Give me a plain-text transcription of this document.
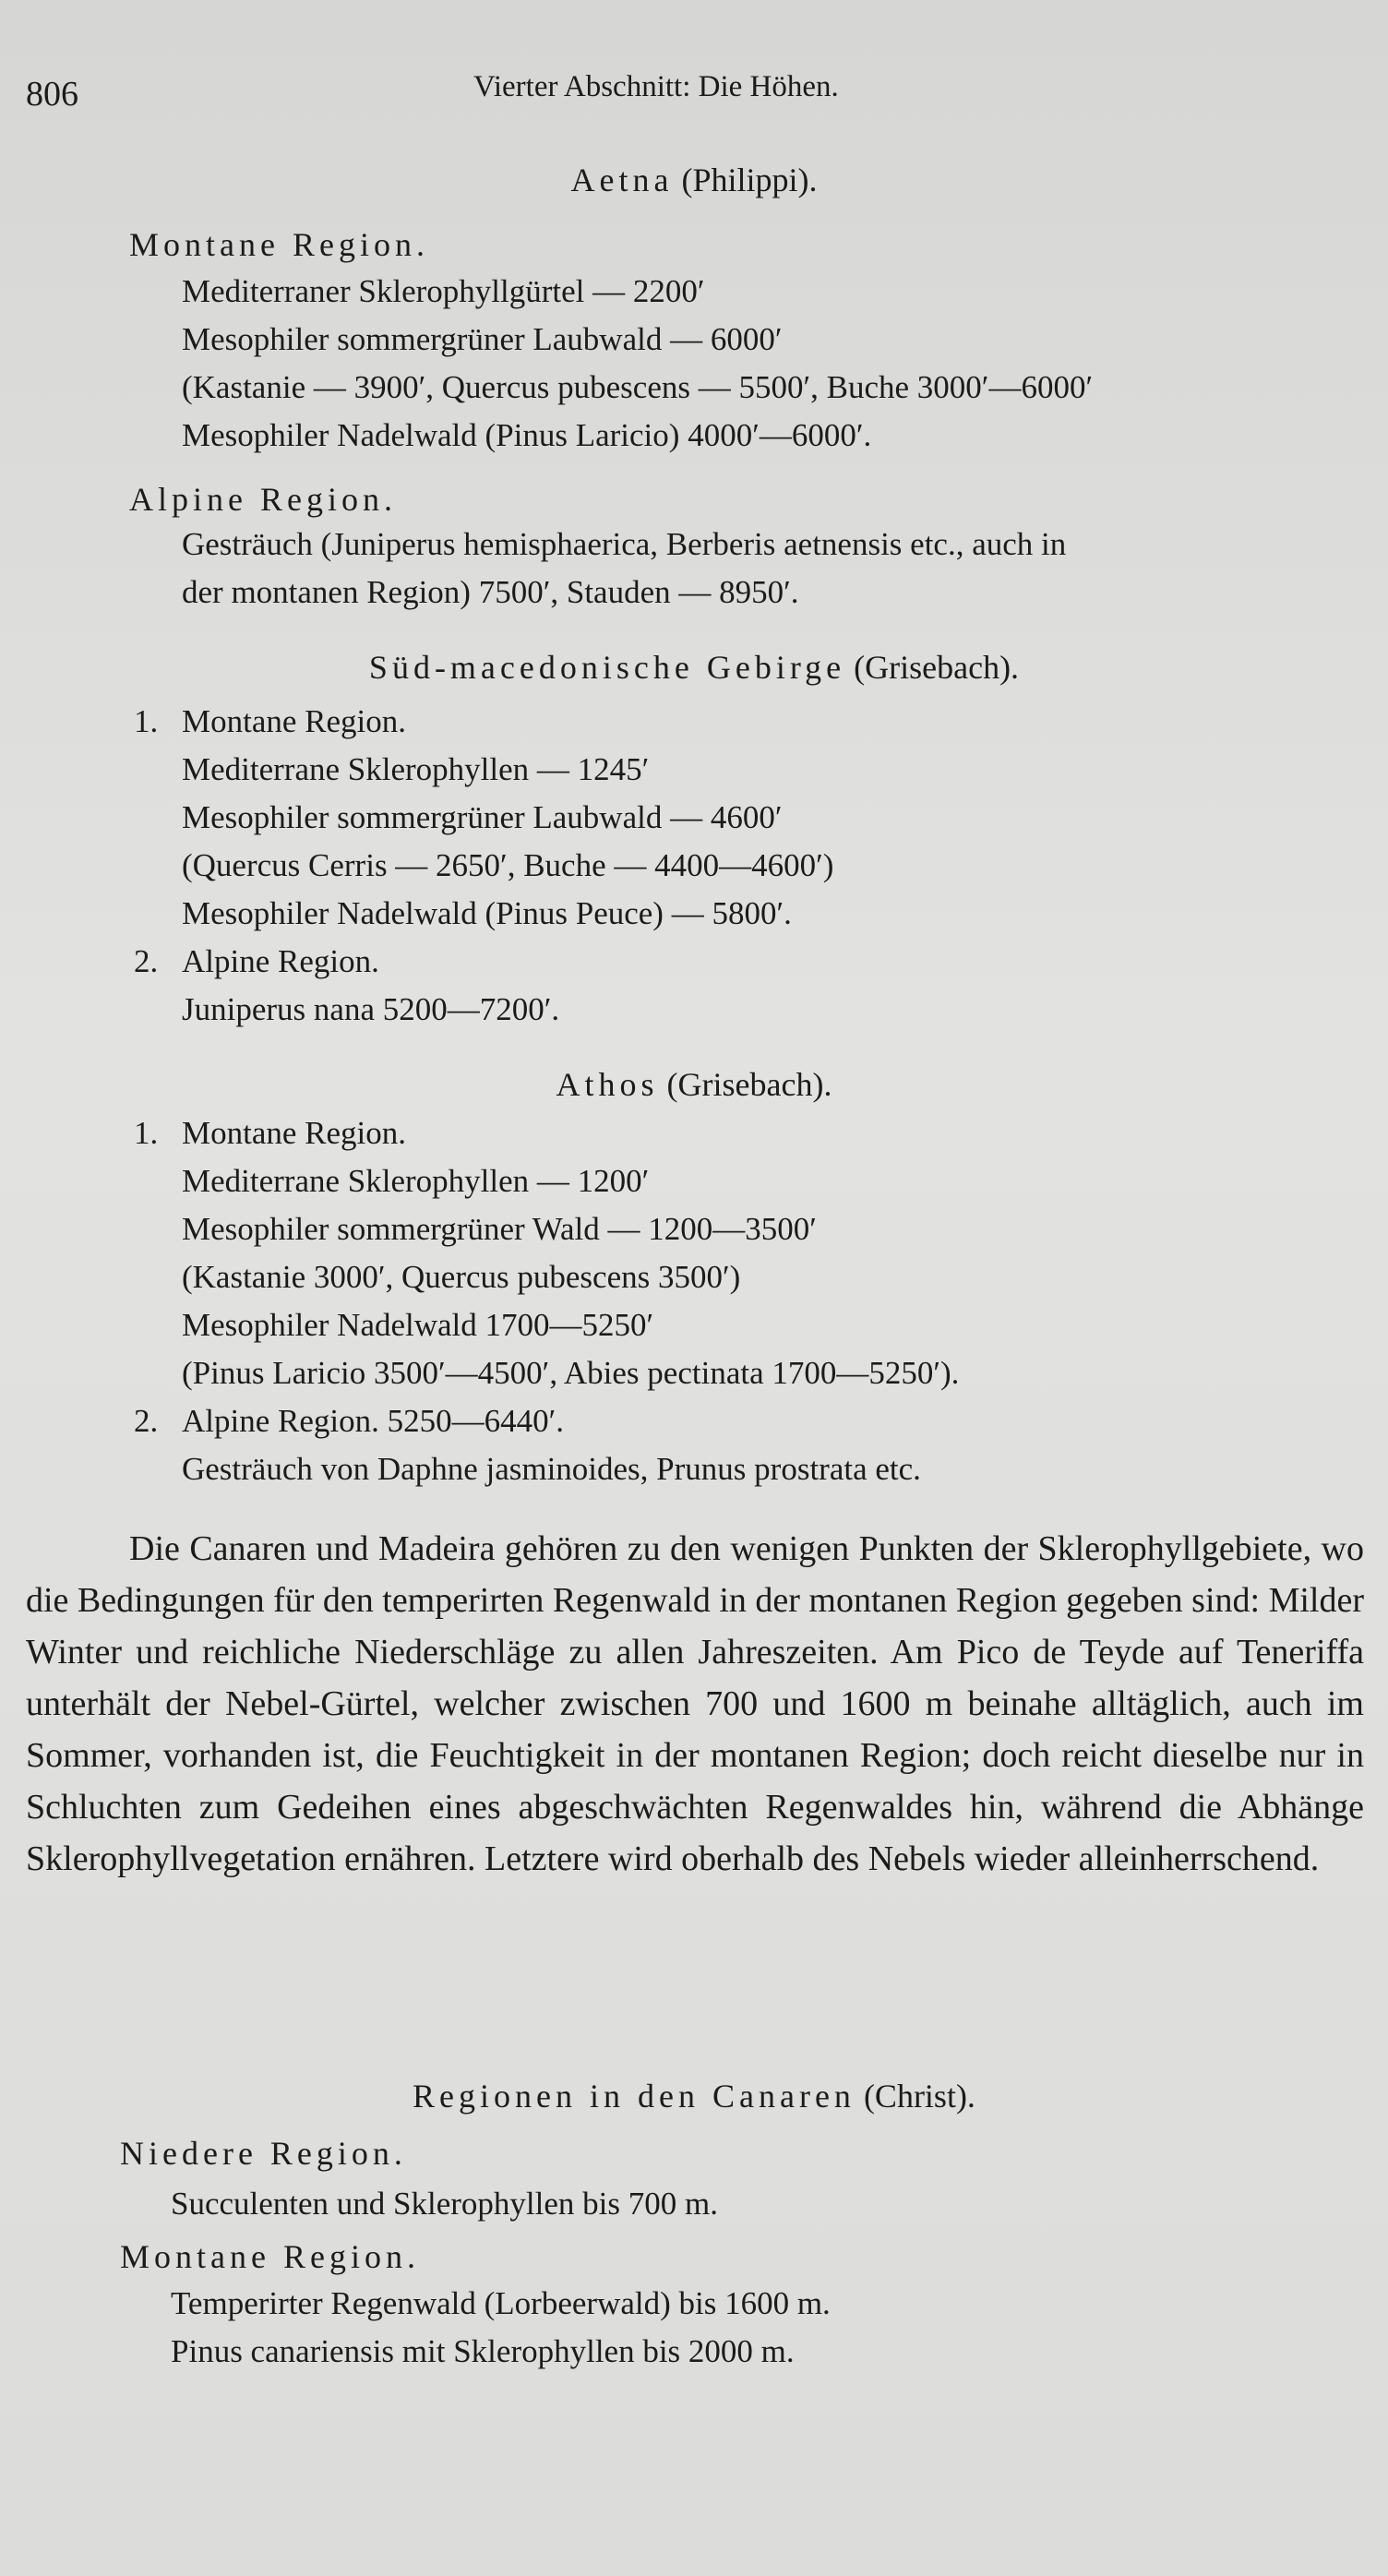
806	Vierter Abschnitt: Die Höhen.
Aetna (Philippi).
Montane Region.
Mediterraner Sklerophyllgürtel — 2200′
Mesophiler sommergrüner Laubwald — 6000′
(Kastanie — 3900′, Quercus pubescens — 5500′, Buche 3000′—6000′
Mesophiler Nadelwald (Pinus Laricio) 4000′—6000′.
Alpine Region.
Gesträuch (Juniperus hemisphaerica, Berberis aetnensis etc., auch in
der montanen Region) 7500′, Stauden — 8950′.
Süd-macedonische Gebirge (Grisebach).
1. Montane Region.
Mediterrane Sklerophyllen — 1245′
Mesophiler sommergrüner Laubwald — 4600′
(Quercus Cerris — 2650′, Buche — 4400—4600′)
Mesophiler Nadelwald (Pinus Peuce) — 5800′.
2. Alpine Region.
Juniperus nana 5200—7200′.
Athos (Grisebach).
1. Montane Region.
Mediterrane Sklerophyllen — 1200′
Mesophiler sommergrüner Wald — 1200—3500′
(Kastanie 3000′, Quercus pubescens 3500′)
Mesophiler Nadelwald 1700—5250′
(Pinus Laricio 3500′—4500′, Abies pectinata 1700—5250′).
2. Alpine Region. 5250—6440′.
Gesträuch von Daphne jasminoides, Prunus prostrata etc.

Die Canaren und Madeira gehören zu den wenigen Punkten der Sklerophyllgebiete, wo die Bedingungen für den temperirten Regenwald in der montanen Region gegeben sind: Milder Winter und reichliche Niederschläge zu allen Jahreszeiten. Am Pico de Teyde auf Teneriffa unterhält der Nebel-Gürtel, welcher zwischen 700 und 1600 m beinahe alltäglich, auch im Sommer, vorhanden ist, die Feuchtigkeit in der montanen Region; doch reicht dieselbe nur in Schluchten zum Gedeihen eines abgeschwächten Regenwaldes hin, während die Abhänge Sklerophyllvegetation ernähren. Letztere wird oberhalb des Nebels wieder alleinherrschend.

Regionen in den Canaren (Christ).
Niedere Region.
Succulenten und Sklerophyllen bis 700 m.
Montane Region.
Temperirter Regenwald (Lorbeerwald) bis 1600 m.
Pinus canariensis mit Sklerophyllen bis 2000 m.
